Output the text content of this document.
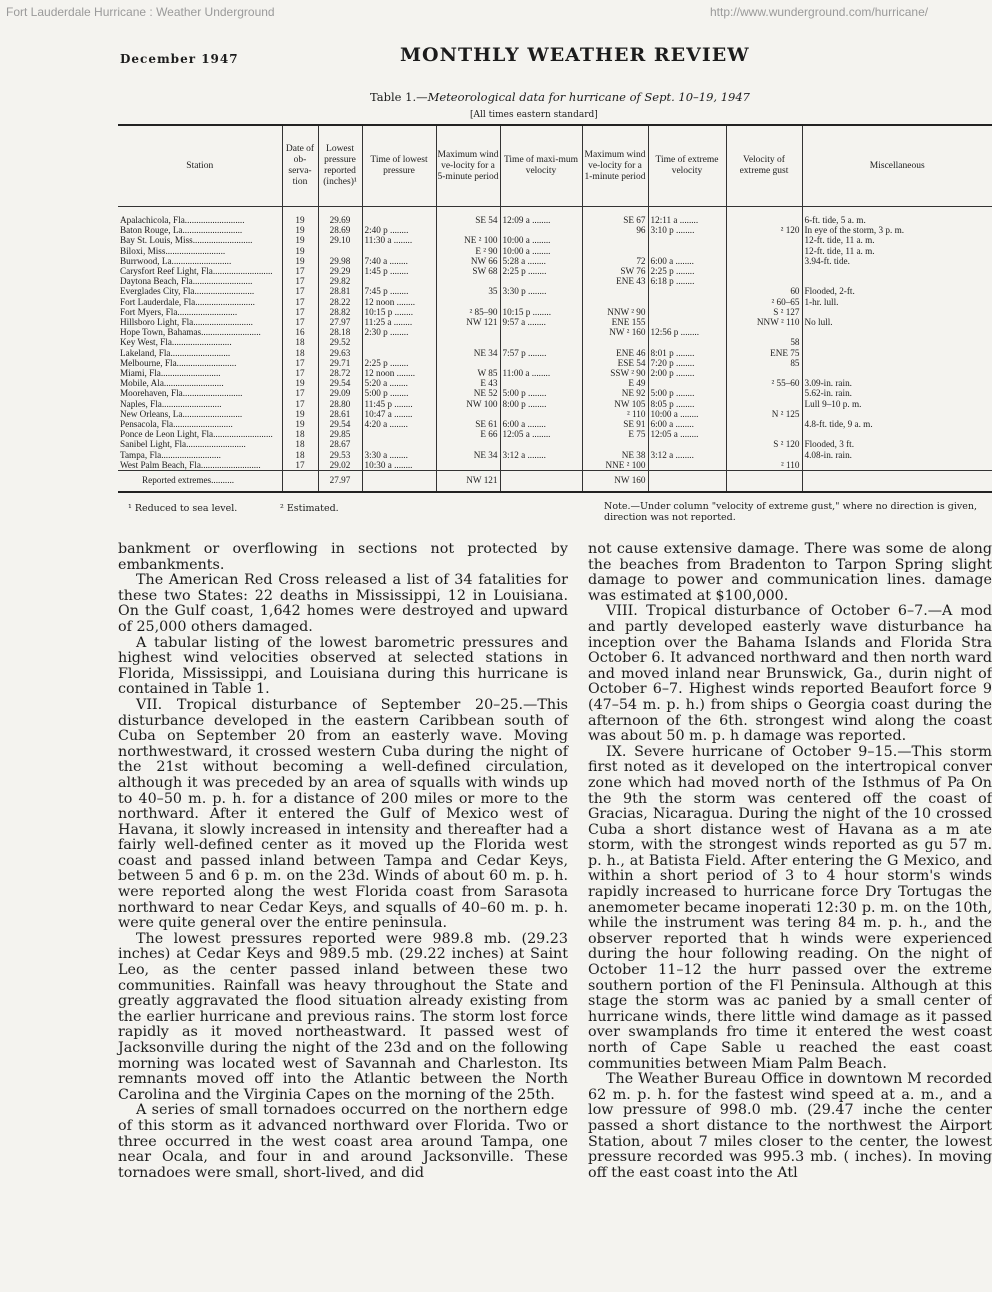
Fort Lauderdale Hurricane : Weather Underground	http://www.wunderground.com/hurricane/
December 1947	MONTHLY WEATHER REVIEW
Table 1.—Meteorological data for hurricane of Sept. 10–19, 1947
[All times eastern standard]
Station	Date of ob-serva-tion	Lowest pressure reported (inches)¹	Time of lowest pressure	Maximum wind ve-locity for a 5-minute period	Time of maxi-mum velocity	Maximum wind ve-locity for a 1-minute period	Time of extreme velocity	Velocity of extreme gust	Miscellaneous
Apalachicola, Fla..........................	19	29.69		SE 54	12:09 a ........	SE 67	12:11 a ........		6-ft. tide, 5 a. m.
Baton Rouge, La..........................	19	28.69	2:40 p ........			96	3:10 p ........	² 120	In eye of the storm, 3 p. m.
Bay St. Louis, Miss..........................	19	29.10	11:30 a ........	NE ² 100	10:00 a ........				12-ft. tide, 11 a. m.
Biloxi, Miss..........................	19			E ² 90	10:00 a ........				12-ft. tide, 11 a. m.
Burrwood, La..........................	19	29.98	7:40 a ........	NW 66	5:28 a ........	72	6:00 a ........		3.94-ft. tide.
Carysfort Reef Light, Fla..........................	17	29.29	1:45 p ........	SW 68	2:25 p ........	SW 76	2:25 p ........		
Daytona Beach, Fla..........................	17	29.82				ENE 43	6:18 p ........		
Everglades City, Fla..........................	17	28.81	7:45 p ........	35	3:30 p ........			60	Flooded, 2-ft.
Fort Lauderdale, Fla..........................	17	28.22	12 noon ........					² 60–65	1-hr. lull.
Fort Myers, Fla..........................	17	28.82	10:15 p ........	² 85–90	10:15 p ........	NNW ² 90		S ² 127	
Hillsboro Light, Fla..........................	17	27.97	11:25 a ........	NW 121	9:57 a ........	ENE 155		NNW ² 110	No lull.
Hope Town, Bahamas..........................	16	28.18	2:30 p ........			NW ² 160	12:56 p ........		
Key West, Fla..........................	18	29.52						58	
Lakeland, Fla..........................	18	29.63		NE 34	7:57 p ........	ENE 46	8:01 p ........	ENE 75	
Melbourne, Fla..........................	17	29.71	2:25 p ........			ESE 54	7:20 p ........	85	
Miami, Fla..........................	17	28.72	12 noon ........	W 85	11:00 a ........	SSW ² 90	2:00 p ........		
Mobile, Ala..........................	19	29.54	5:20 a ........	E 43		E 49		² 55–60	3.09-in. rain.
Moorehaven, Fla..........................	17	29.09	5:00 p ........	NE 52	5:00 p ........	NE 92	5:00 p ........		5.62-in. rain.
Naples, Fla..........................	17	28.80	11:45 p ........	NW 100	8:00 p ........	NW 105	8:05 p ........		Lull 9–10 p. m.
New Orleans, La..........................	19	28.61	10:47 a ........			² 110	10:00 a ........	N ² 125	
Pensacola, Fla..........................	19	29.54	4:20 a ........	SE 61	6:00 a ........	SE 91	6:00 a ........		4.8-ft. tide, 9 a. m.
Ponce de Leon Light, Fla..........................	18	29.85		E 66	12:05 a ........	E 75	12:05 a ........		
Sanibel Light, Fla..........................	18	28.67						S ² 120	Flooded, 3 ft.
Tampa, Fla..........................	18	29.53	3:30 a ........	NE 34	3:12 a ........	NE 38	3:12 a ........		4.08-in. rain.
West Palm Beach, Fla..........................	17	29.02	10:30 a ........			NNE ² 100		² 110	
Reported extremes..........		27.97		NW 121		NW 160			
¹ Reduced to sea level.	² Estimated.	Note.—Under column "velocity of extreme gust," where no direction is given, direction was not reported.

bankment or overflowing in sections not protected by embankments.

The American Red Cross released a list of 34 fatalities for these two States: 22 deaths in Mississippi, 12 in Louisiana. On the Gulf coast, 1,642 homes were destroyed and upward of 25,000 others damaged.

A tabular listing of the lowest barometric pressures and highest wind velocities observed at selected stations in Florida, Mississippi, and Louisiana during this hurricane is contained in Table 1.

VII. Tropical disturbance of September 20–25.—This disturbance developed in the eastern Caribbean south of Cuba on September 20 from an easterly wave. Moving northwestward, it crossed western Cuba during the night of the 21st without becoming a well-defined circulation, although it was preceded by an area of squalls with winds up to 40–50 m. p. h. for a distance of 200 miles or more to the northward. After it entered the Gulf of Mexico west of Havana, it slowly increased in intensity and thereafter had a fairly well-defined center as it moved up the Florida west coast and passed inland between Tampa and Cedar Keys, between 5 and 6 p. m. on the 23d. Winds of about 60 m. p. h. were reported along the west Florida coast from Sarasota northward to near Cedar Keys, and squalls of 40–60 m. p. h. were quite general over the entire peninsula.

The lowest pressures reported were 989.8 mb. (29.23 inches) at Cedar Keys and 989.5 mb. (29.22 inches) at Saint Leo, as the center passed inland between these two communities. Rainfall was heavy throughout the State and greatly aggravated the flood situation already existing from the earlier hurricane and previous rains. The storm lost force rapidly as it moved northeastward. It passed west of Jacksonville during the night of the 23d and on the following morning was located west of Savannah and Charleston. Its remnants moved off into the Atlantic between the North Carolina and the Virginia Capes on the morning of the 25th.

A series of small tornadoes occurred on the northern edge of this storm as it advanced northward over Florida. Two or three occurred in the west coast area around Tampa, one near Ocala, and four in and around Jacksonville. These tornadoes were small, short-lived, and did

not cause extensive damage. There was some de along the beaches from Bradenton to Tarpon Spring slight damage to power and communication lines. damage was estimated at $100,000.

VIII. Tropical disturbance of October 6–7.—A mod and partly developed easterly wave disturbance ha inception over the Bahama Islands and Florida Stra October 6. It advanced northward and then north ward and moved inland near Brunswick, Ga., durin night of October 6–7. Highest winds reported Beaufort force 9 (47–54 m. p. h.) from ships o Georgia coast during the afternoon of the 6th. strongest wind along the coast was about 50 m. p. h damage was reported.

IX. Severe hurricane of October 9–15.—This storm first noted as it developed on the intertropical conver zone which had moved north of the Isthmus of Pa On the 9th the storm was centered off the coast of Gracias, Nicaragua. During the night of the 10 crossed Cuba a short distance west of Havana as a m ate storm, with the strongest winds reported as gu 57 m. p. h., at Batista Field. After entering the G Mexico, and within a short period of 3 to 4 hour storm's winds rapidly increased to hurricane force Dry Tortugas the anemometer became inoperati 12:30 p. m. on the 10th, while the instrument was tering 84 m. p. h., and the observer reported that h winds were experienced during the hour following reading. On the night of October 11–12 the hurr passed over the extreme southern portion of the Fl Peninsula. Although at this stage the storm was ac panied by a small center of hurricane winds, there little wind damage as it passed over swamplands fro time it entered the west coast north of Cape Sable u reached the east coast communities between Miam Palm Beach.

The Weather Bureau Office in downtown M recorded 62 m. p. h. for the fastest wind speed at a. m., and a low pressure of 998.0 mb. (29.47 inche the center passed a short distance to the northwest the Airport Station, about 7 miles closer to the center, the lowest pressure recorded was 995.3 mb. ( inches). In moving off the east coast into the Atl
